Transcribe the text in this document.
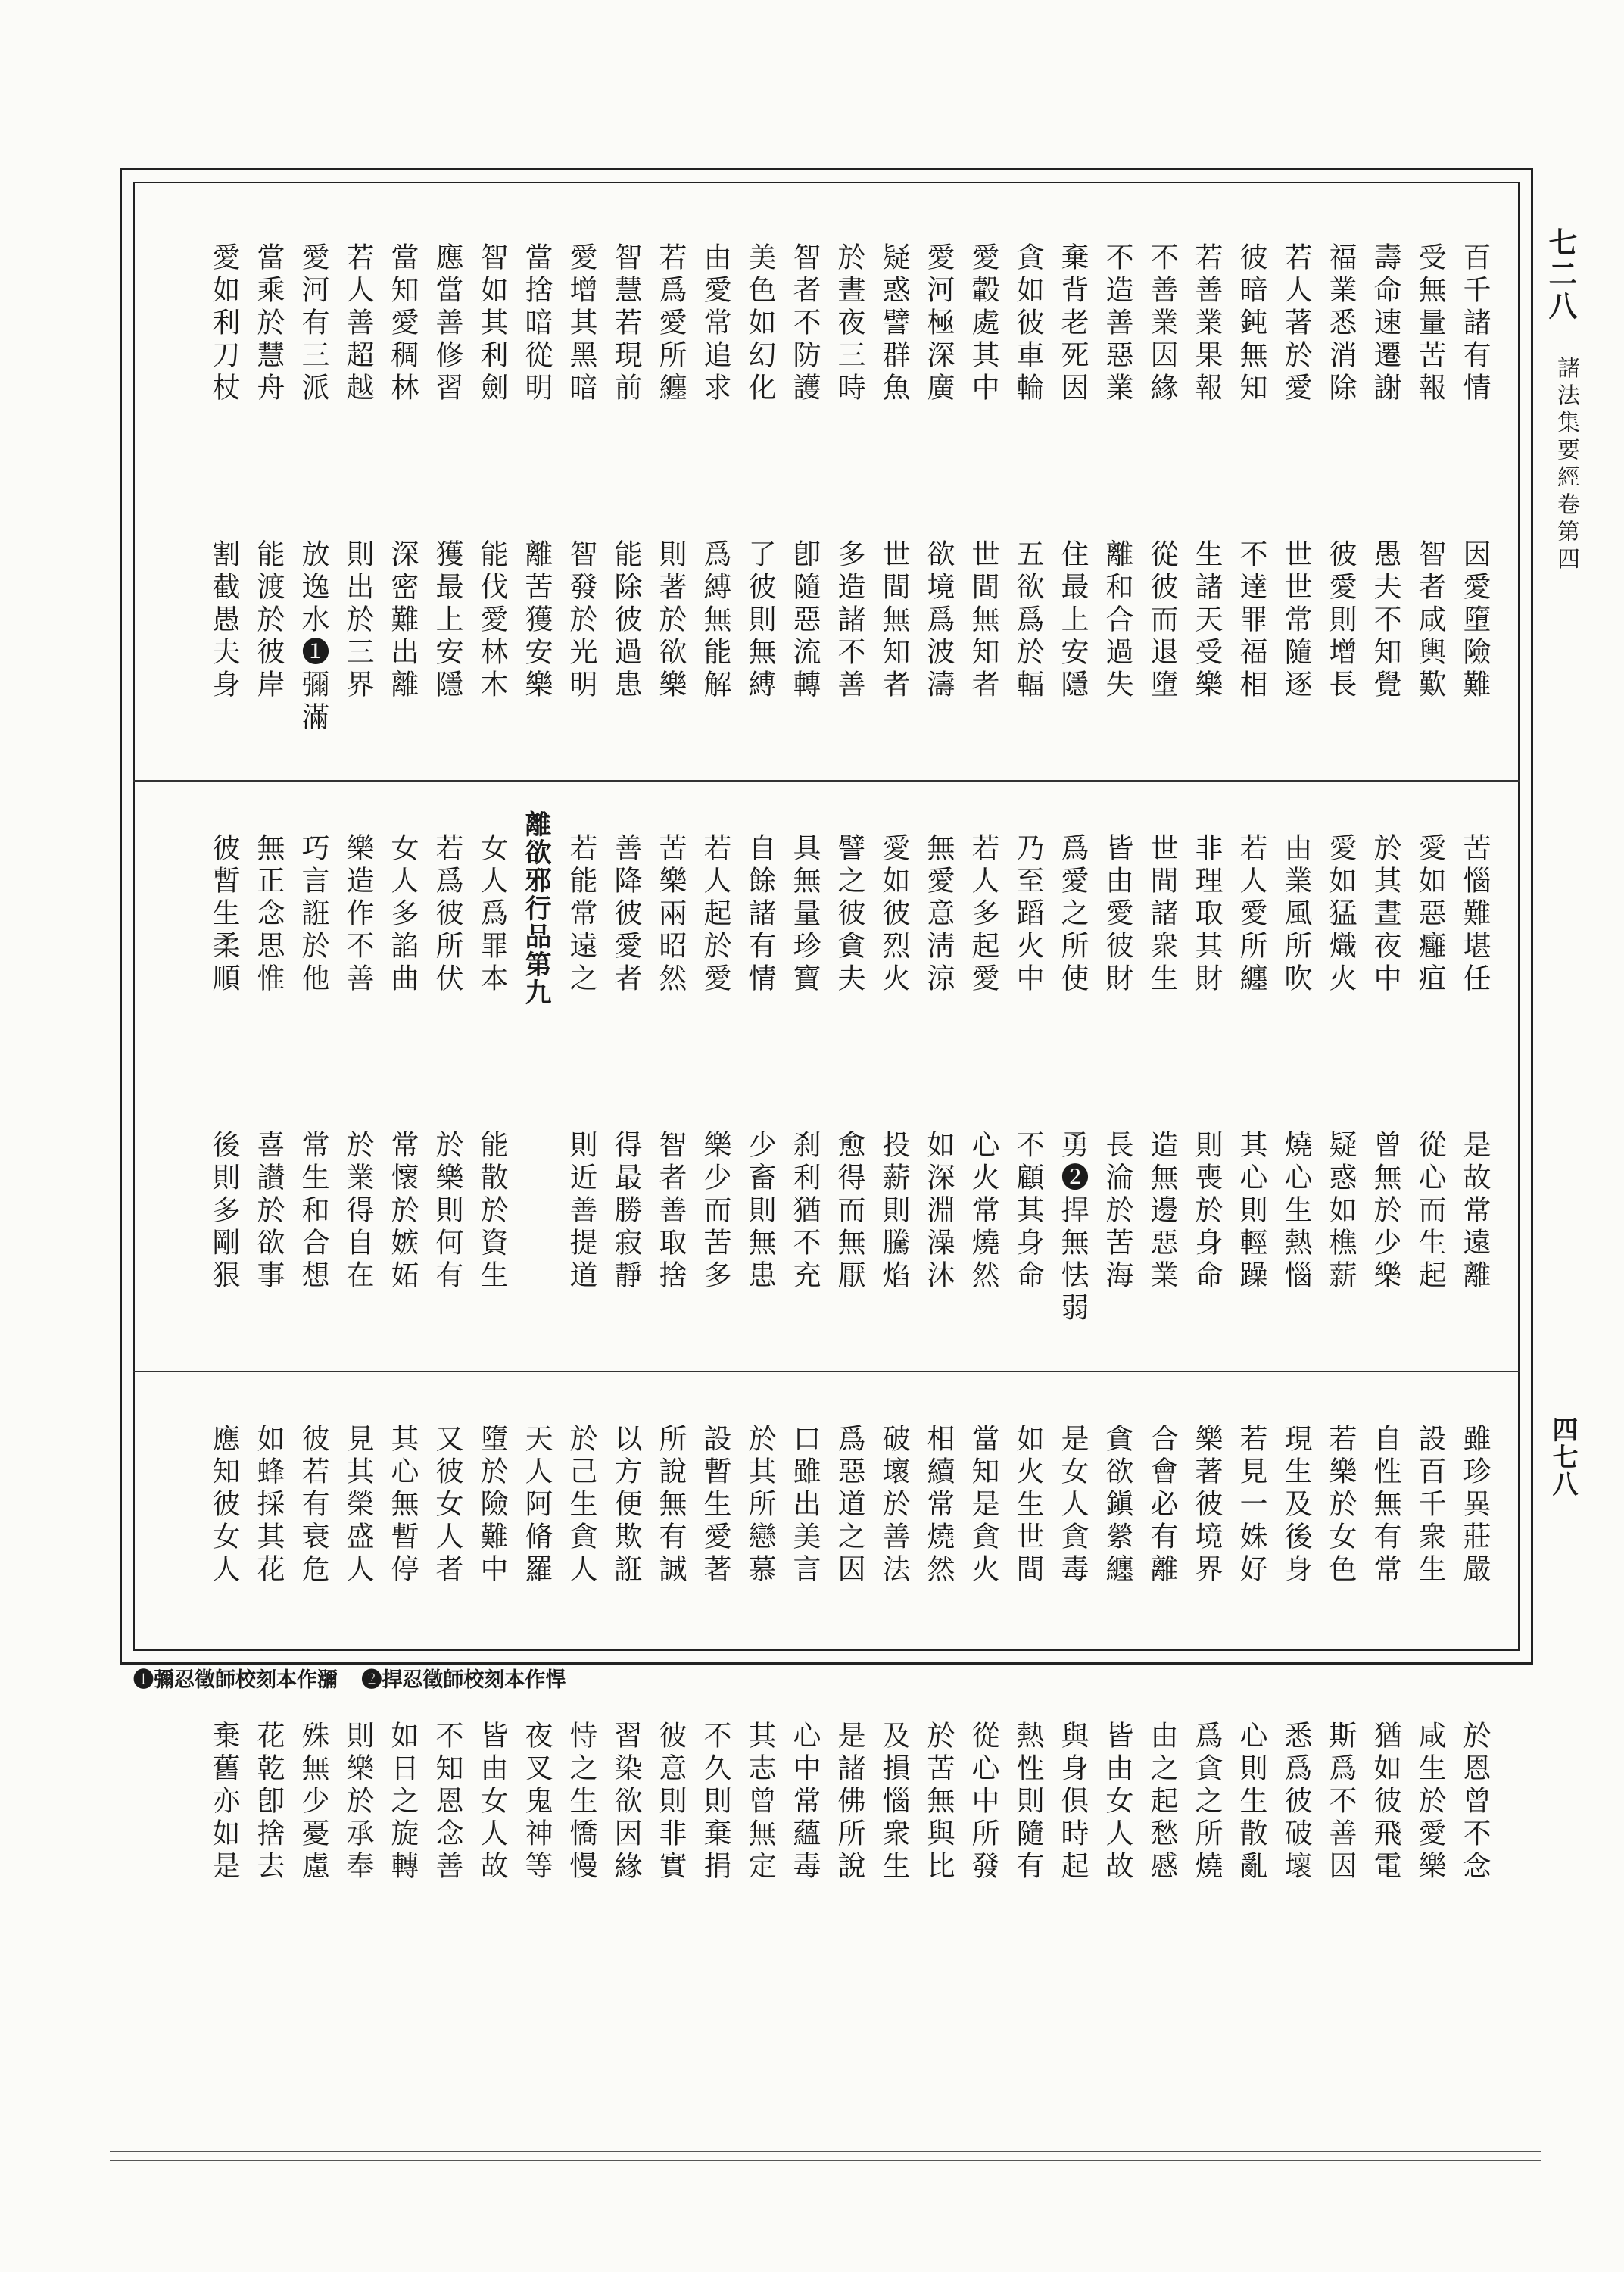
七二八
諸法集要經卷第四
四七八
百千諸有情
因愛墮險難
受無量苦報
智者咸輿歎
壽命速遷謝
愚夫不知覺
福業悉消除
彼愛則增長
若人著於愛
世世常隨逐
彼暗鈍無知
不達罪福相
若善業果報
生諸天受樂
不善業因緣
從彼而退墮
不造善惡業
離和合過失
棄背老死因
住最上安隱
貪如彼車輪
五欲爲於輻
愛轂處其中
世間無知者
愛河極深廣
欲境爲波濤
疑惑譬群魚
世間無知者
於晝夜三時
多造諸不善
智者不防護
卽隨惡流轉
美色如幻化
了彼則無縛
由愛常追求
爲縛無能解
若爲愛所纏
則著於欲樂
智慧若現前
能除彼過患
愛增其黑暗
智發於光明
當捨暗從明
離苦獲安樂
智如其利劍
能伐愛林木
應當善修習
獲最上安隱
當知愛稠林
深密難出離
若人善超越
則出於三界
愛河有三派
放逸水❶彌滿
當乘於慧舟
能渡於彼岸
愛如利刀杖
割截愚夫身
苦惱難堪任
是故常遠離
愛如惡癰疽
從心而生起
於其晝夜中
曾無於少樂
愛如猛熾火
疑惑如樵薪
由業風所吹
燒心生熱惱
若人愛所纏
其心則輕躁
非理取其財
則喪於身命
世間諸衆生
造無邊惡業
皆由愛彼財
長淪於苦海
爲愛之所使
勇❷捍無怯弱
乃至蹈火中
不顧其身命
若人多起愛
心火常燒然
無愛意淸涼
如深淵澡沐
愛如彼烈火
投薪則騰焰
譬之彼貪夫
愈得而無厭
具無量珍寶
刹利猶不充
自餘諸有情
少畜則無患
若人起於愛
樂少而苦多
苦樂兩昭然
智者善取捨
善降彼愛者
得最勝寂靜
若能常遠之
則近善提道
離欲邪行品第九
女人爲罪本
能散於資生
若爲彼所伏
於樂則何有
女人多諂曲
常懷於嫉妬
樂造作不善
於業得自在
巧言誑於他
常生和合想
無正念思惟
喜讃於欲事
彼暫生柔順
後則多剛狠
雖珍異莊嚴
於恩曾不念
設百千衆生
咸生於愛樂
自性無有常
猶如彼飛電
若樂於女色
斯爲不善因
現生及後身
悉爲彼破壞
若見一姝好
心則生散亂
樂著彼境界
爲貪之所燒
合會必有離
由之起愁慼
貪欲鎭縈纏
皆由女人故
是女人貪毒
與身俱時起
如火生世間
熱性則隨有
當知是貪火
從心中所發
相續常燒然
於苦無與比
破壞於善法
及損惱衆生
爲惡道之因
是諸佛所說
口雖出美言
心中常蘊毒
於其所戀慕
其志曾無定
設暫生愛著
不久則棄捐
所說無有誠
彼意則非實
以方便欺誑
習染欲因緣
於己生貪人
恃之生憍慢
天人阿脩羅
夜叉鬼神等
墮於險難中
皆由女人故
又彼女人者
不知恩念善
其心無暫停
如日之旋轉
見其榮盛人
則樂於承奉
彼若有衰危
殊無少憂慮
如蜂採其花
花乾卽捨去
應知彼女人
棄舊亦如是
❶彌忍徵師校刻本作瀰 ❷捍忍徵師校刻本作悍
